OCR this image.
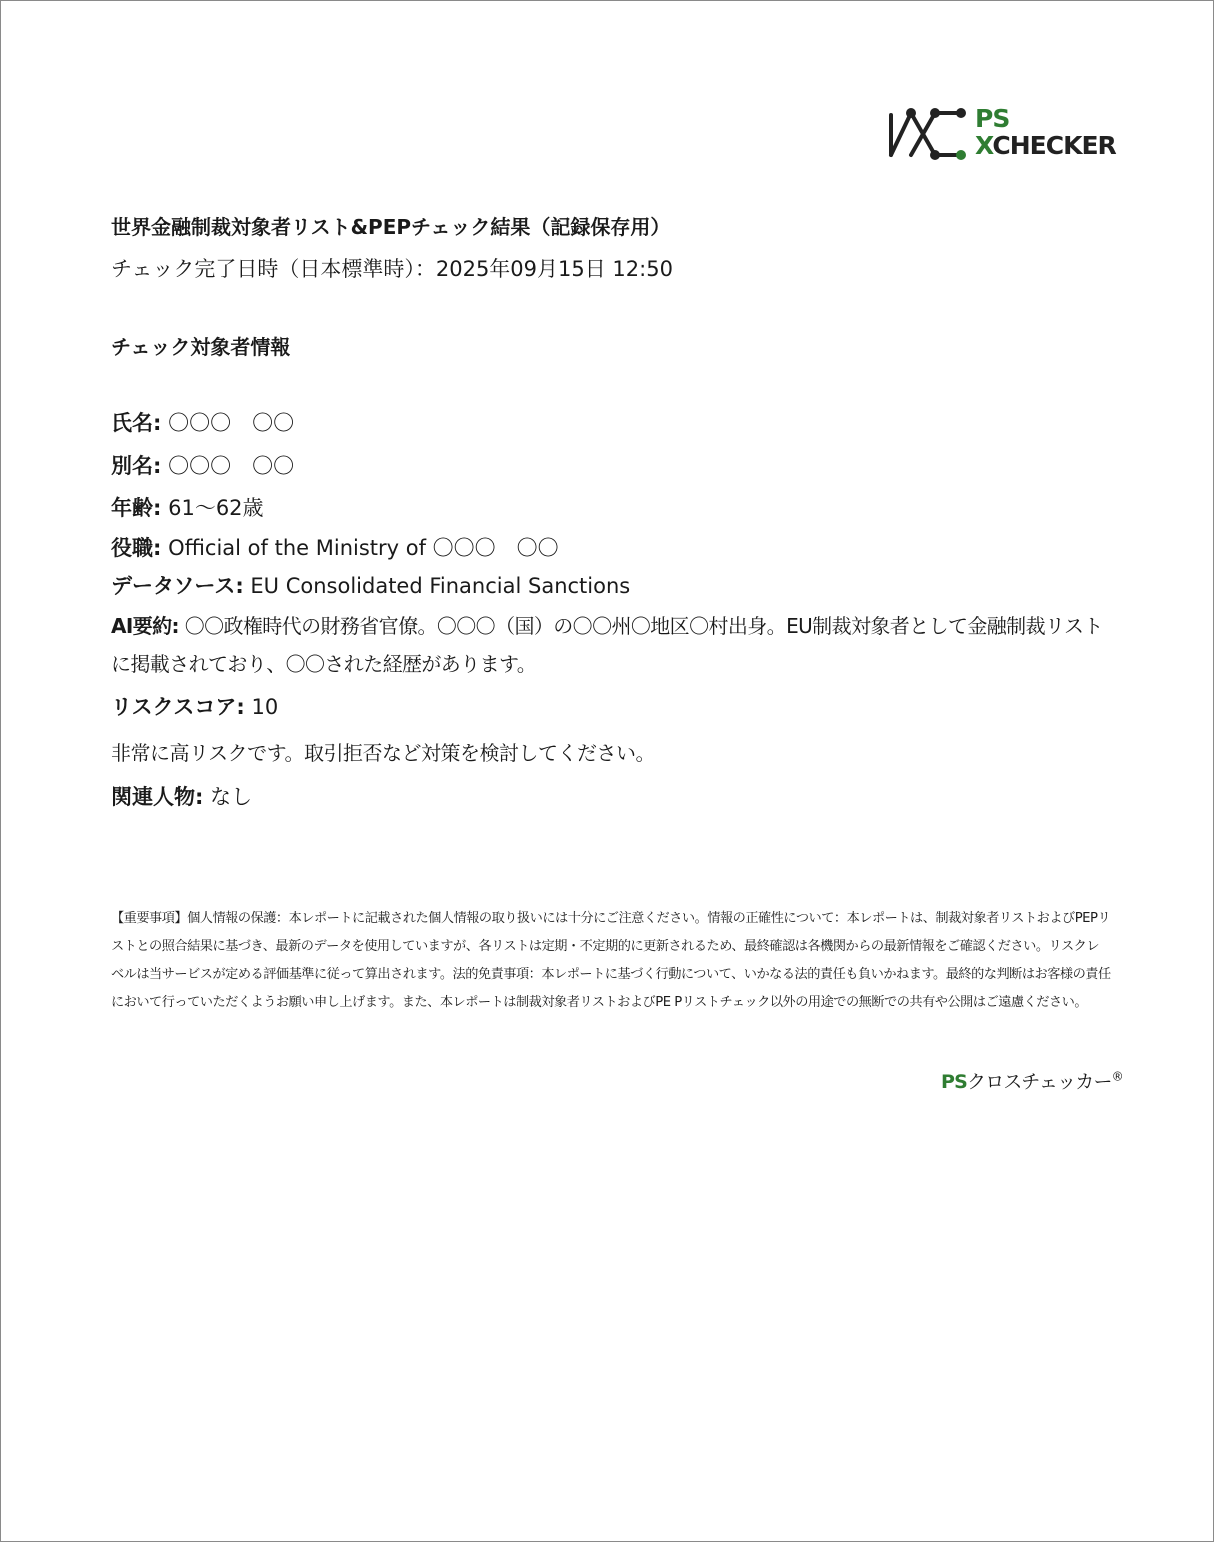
PS
XCHECKER
世界金融制裁対象者リスト&PEPチェック結果（記録保存用）
チェック完了日時（日本標準時）：2025年09月15日 12:50
チェック対象者情報
氏名: 〇〇〇　〇〇
別名: 〇〇〇　〇〇
年齢: 61～62歳
役職: Official of the Ministry of 〇〇〇　〇〇
データソース: EU Consolidated Financial Sanctions
AI要約: 〇〇政権時代の財務省官僚。〇〇〇（国）の〇〇州〇地区〇村出身。EU制裁対象者として金融制裁リストに掲載されており、〇〇された経歴があります。
リスクスコア: 10
非常に高リスクです。取引拒否など対策を検討してください。
関連人物: なし
【重要事項】個人情報の保護：本レポートに記載された個人情報の取り扱いには十分にご注意ください。情報の正確性について：本レポートは、制裁対象者リストおよびPEPリストとの照合結果に基づき、最新のデータを使用していますが、各リストは定期・不定期的に更新されるため、最終確認は各機関からの最新情報をご確認ください。リスクレベルは当サービスが定める評価基準に従って算出されます。法的免責事項：本レポートに基づく行動について、いかなる法的責任も負いかねます。最終的な判断はお客様の責任において行っていただくようお願い申し上げます。また、本レポートは制裁対象者リストおよびPE Pリストチェック以外の用途での無断での共有や公開はご遠慮ください。
PSクロスチェッカー®
